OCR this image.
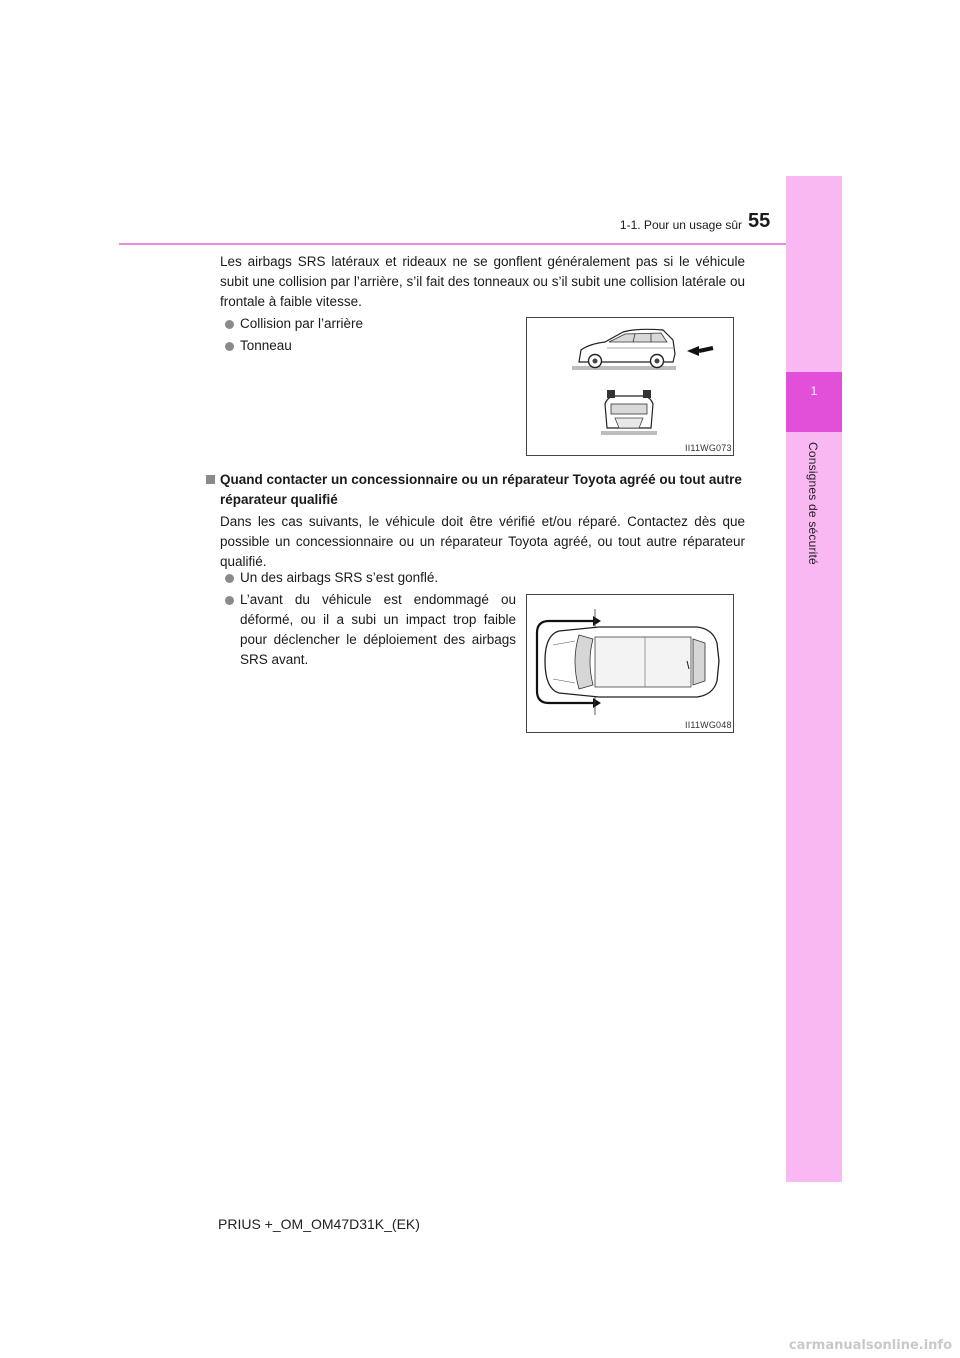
1
Consignes de sécurité
1-1. Pour un usage sûr 55

Les airbags SRS latéraux et rideaux ne se gonflent généralement pas si le véhicule subit une collision par l’arrière, s’il fait des tonneaux ou s’il subit une collision latérale ou frontale à faible vitesse.

Collision par l’arrière

Tonneau

II11WG073

Quand contacter un concessionnaire ou un réparateur Toyota agréé ou tout autre réparateur qualifié

Dans les cas suivants, le véhicule doit être vérifié et/ou réparé. Contactez dès que possible un concessionnaire ou un réparateur Toyota agréé, ou tout autre réparateur qualifié.

Un des airbags SRS s’est gonflé.

L’avant du véhicule est endommagé ou déformé, ou il a subi un impact trop faible pour déclencher le déploiement des airbags SRS avant.

II11WG048
PRIUS +_OM_OM47D31K_(EK)
carmanualsonline.info
